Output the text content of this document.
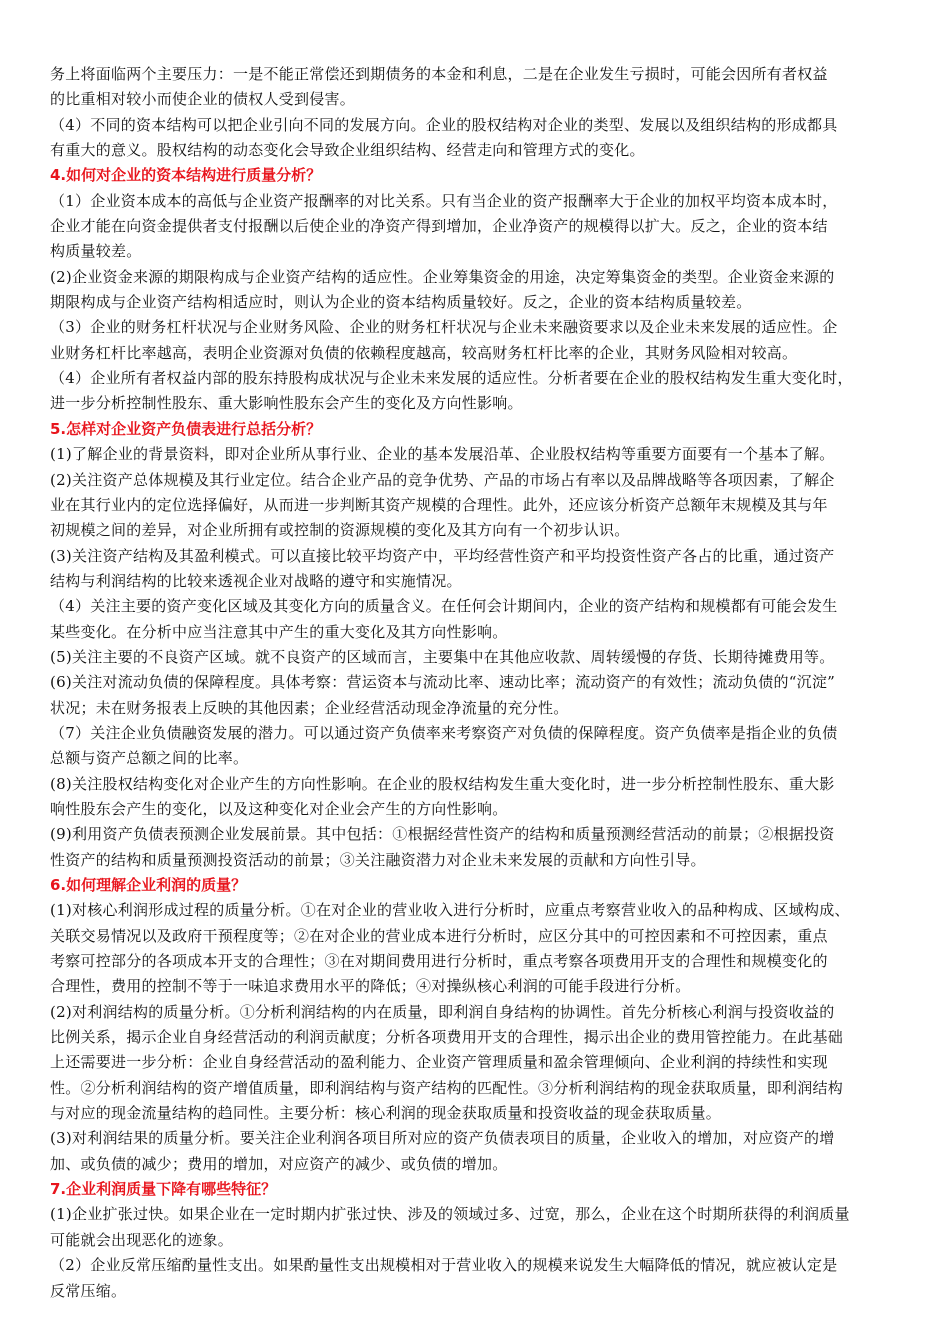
务上将面临两个主要压力：一是不能正常偿还到期债务的本金和利息，二是在企业发生亏损时，可能会因所有者权益
的比重相对较小而使企业的债权人受到侵害。

（4）不同的资本结构可以把企业引向不同的发展方向。企业的股权结构对企业的类型、发展以及组织结构的形成都具
有重大的意义。股权结构的动态变化会导致企业组织结构、经营走向和管理方式的变化。

4.如何对企业的资本结构进行质量分析？

（1）企业资本成本的高低与企业资产报酬率的对比关系。只有当企业的资产报酬率大于企业的加权平均资本成本时，
企业才能在向资金提供者支付报酬以后使企业的净资产得到增加，企业净资产的规模得以扩大。反之，企业的资本结
构质量较差。

(2)企业资金来源的期限构成与企业资产结构的适应性。企业筹集资金的用途，决定筹集资金的类型。企业资金来源的
期限构成与企业资产结构相适应时，则认为企业的资本结构质量较好。反之，企业的资本结构质量较差。

（3）企业的财务杠杆状况与企业财务风险、企业的财务杠杆状况与企业未来融资要求以及企业未来发展的适应性。企
业财务杠杆比率越高，表明企业资源对负债的依赖程度越高，较高财务杠杆比率的企业，其财务风险相对较高。

（4）企业所有者权益内部的股东持股构成状况与企业未来发展的适应性。分析者要在企业的股权结构发生重大变化时，
进一步分析控制性股东、重大影响性股东会产生的变化及方向性影响。

5.怎样对企业资产负债表进行总括分析？

(1)了解企业的背景资料，即对企业所从事行业、企业的基本发展沿革、企业股权结构等重要方面要有一个基本了解。

(2)关注资产总体规模及其行业定位。结合企业产品的竞争优势、产品的市场占有率以及品牌战略等各项因素，了解企
业在其行业内的定位选择偏好，从而进一步判断其资产规模的合理性。此外，还应该分析资产总额年末规模及其与年
初规模之间的差异，对企业所拥有或控制的资源规模的变化及其方向有一个初步认识。

(3)关注资产结构及其盈利模式。可以直接比较平均资产中，平均经营性资产和平均投资性资产各占的比重，通过资产
结构与利润结构的比较来透视企业对战略的遵守和实施情况。

（4）关注主要的资产变化区域及其变化方向的质量含义。在任何会计期间内，企业的资产结构和规模都有可能会发生
某些变化。在分析中应当注意其中产生的重大变化及其方向性影响。

(5)关注主要的不良资产区域。就不良资产的区域而言，主要集中在其他应收款、周转缓慢的存货、长期待摊费用等。

(6)关注对流动负债的保障程度。具体考察：营运资本与流动比率、速动比率；流动资产的有效性；流动负债的“沉淀”
状况；未在财务报表上反映的其他因素；企业经营活动现金净流量的充分性。

（7）关注企业负债融资发展的潜力。可以通过资产负债率来考察资产对负债的保障程度。资产负债率是指企业的负债
总额与资产总额之间的比率。

(8)关注股权结构变化对企业产生的方向性影响。在企业的股权结构发生重大变化时，进一步分析控制性股东、重大影
响性股东会产生的变化，以及这种变化对企业会产生的方向性影响。

(9)利用资产负债表预测企业发展前景。其中包括：①根据经营性资产的结构和质量预测经营活动的前景；②根据投资
性资产的结构和质量预测投资活动的前景；③关注融资潜力对企业未来发展的贡献和方向性引导。

6.如何理解企业利润的质量？

(1)对核心利润形成过程的质量分析。①在对企业的营业收入进行分析时，应重点考察营业收入的品种构成、区域构成、
关联交易情况以及政府干预程度等；②在对企业的营业成本进行分析时，应区分其中的可控因素和不可控因素，重点
考察可控部分的各项成本开支的合理性；③在对期间费用进行分析时，重点考察各项费用开支的合理性和规模变化的
合理性，费用的控制不等于一味追求费用水平的降低；④对操纵核心利润的可能手段进行分析。

(2)对利润结构的质量分析。①分析利润结构的内在质量，即利润自身结构的协调性。首先分析核心利润与投资收益的
比例关系，揭示企业自身经营活动的利润贡献度；分析各项费用开支的合理性，揭示出企业的费用管控能力。在此基础
上还需要进一步分析：企业自身经营活动的盈利能力、企业资产管理质量和盈余管理倾向、企业利润的持续性和实现
性。②分析利润结构的资产增值质量，即利润结构与资产结构的匹配性。③分析利润结构的现金获取质量，即利润结构
与对应的现金流量结构的趋同性。主要分析：核心利润的现金获取质量和投资收益的现金获取质量。

(3)对利润结果的质量分析。要关注企业利润各项目所对应的资产负债表项目的质量，企业收入的增加，对应资产的增
加、或负债的减少；费用的增加，对应资产的减少、或负债的增加。

7.企业利润质量下降有哪些特征？

(1)企业扩张过快。如果企业在一定时期内扩张过快、涉及的领域过多、过宽，那么，企业在这个时期所获得的利润质量
可能就会出现恶化的迹象。

（2）企业反常压缩酌量性支出。如果酌量性支出规模相对于营业收入的规模来说发生大幅降低的情况，就应被认定是
反常压缩。
